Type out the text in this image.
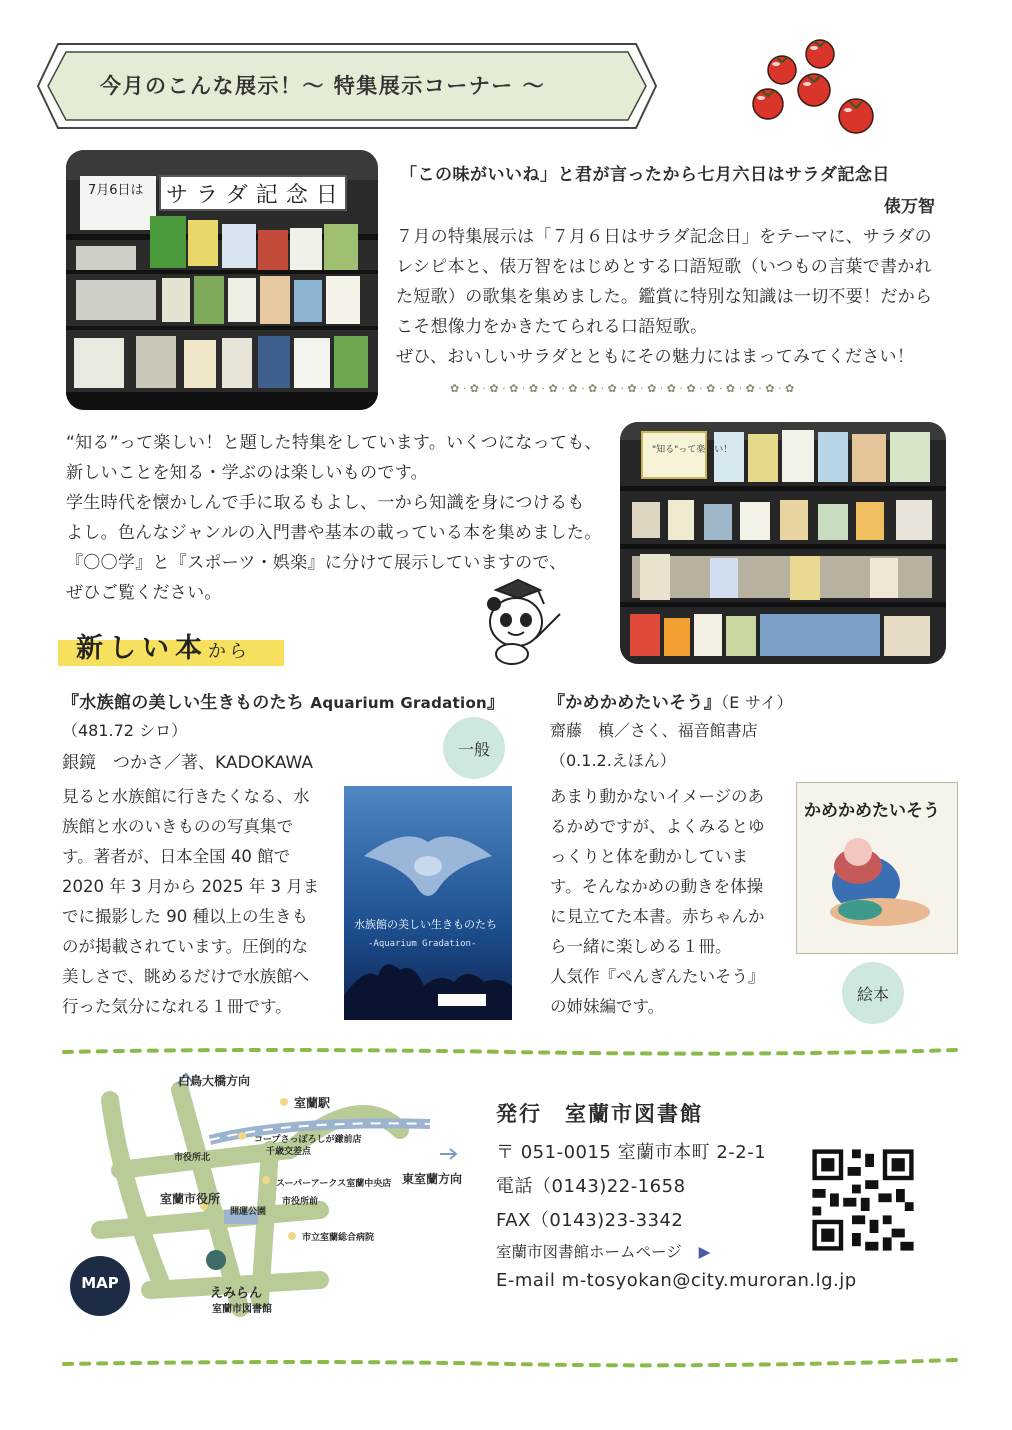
今月のこんな展示！～ 特集展示コーナー ～
7月6日は サラダ記念日
「この味がいいね」と君が言ったから七月六日はサラダ記念日
俵万智
７月の特集展示は「７月６日はサラダ記念日」をテーマに、サラダの
レシピ本と、俵万智をはじめとする口語短歌（いつもの言葉で書かれ
た短歌）の歌集を集めました。鑑賞に特別な知識は一切不要！だから
こそ想像力をかきたてられる口語短歌。
ぜひ、おいしいサラダとともにその魅力にはまってみてください！
✿ · ✿ · ✿ · ✿ · ✿ · ✿ · ✿ · ✿ · ✿ · ✿ · ✿ · ✿ · ✿ · ✿ · ✿ · ✿ · ✿ · ✿
“知る”って楽しい！と題した特集をしています。いくつになっても、
新しいことを知る・学ぶのは楽しいものです。
学生時代を懐かしんで手に取るもよし、一から知識を身につけるも
よし。色んなジャンルの入門書や基本の載っている本を集めました。
『〇〇学』と『スポーツ・娯楽』に分けて展示していますので、
ぜひご覧ください。
"知る"って楽しい！
新しい本から
『水族館の美しい生きものたち Aquarium Gradation』
（481.72 シロ）
銀鏡　つかさ／著、KADOKAWA
一般
見ると水族館に行きたくなる、水
族館と水のいきものの写真集で
す。著者が、日本全国 40 館で
2020 年 3 月から 2025 年 3 月ま
でに撮影した 90 種以上の生きも
のが掲載されています。圧倒的な
美しさで、眺めるだけで水族館へ
行った気分になれる１冊です。
水族館の美しい生きものたち
-Aquarium Gradation-
『かめかめたいそう』（E サイ）
齋藤　槙／さく、福音館書店
（0.1.2.えほん）
あまり動かないイメージのあ
るかめですが、よくみるとゆ
っくりと体を動かしていま
す。そんなかめの動きを体操
に見立てた本書。赤ちゃんか
ら一緒に楽しめる１冊。
人気作『ぺんぎんたいそう』
の姉妹編です。
かめかめたいそう
絵本
MAP
白鳥大橋方向
室蘭駅
コープさっぽろしが鎌前店
千歳交差点
市役所北
東室蘭方向
スーパーアークス室蘭中央店
市役所前
室蘭市役所
開運公園
市立室蘭総合病院
えみらん
室蘭市図書館
発行　室蘭市図書館
〒 051-0015 室蘭市本町 2-2-1
電話（0143)22-1658
FAX（0143)23-3342
室蘭市図書館ホームページ ▶
E-mail m-tosyokan@city.muroran.lg.jp
